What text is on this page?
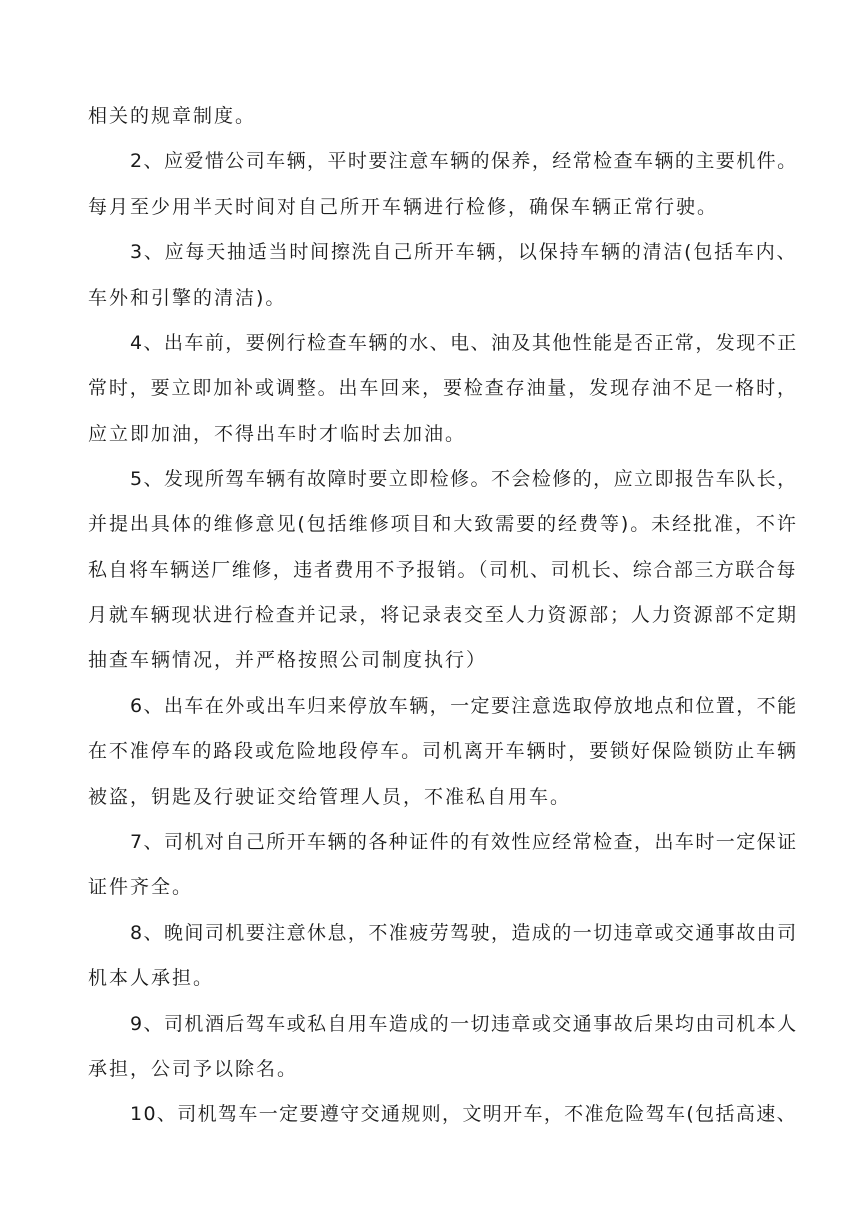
相关的规章制度。
2、应爱惜公司车辆，平时要注意车辆的保养，经常检查车辆的主要机件。
每月至少用半天时间对自己所开车辆进行检修，确保车辆正常行驶。
3、应每天抽适当时间擦洗自己所开车辆，以保持车辆的清洁(包括车内、
车外和引擎的清洁)。
4、出车前，要例行检查车辆的水、电、油及其他性能是否正常，发现不正
常时，要立即加补或调整。出车回来，要检查存油量，发现存油不足一格时，
应立即加油，不得出车时才临时去加油。
5、发现所驾车辆有故障时要立即检修。不会检修的，应立即报告车队长，
并提出具体的维修意见(包括维修项目和大致需要的经费等)。未经批准，不许
私自将车辆送厂维修，违者费用不予报销。（司机、司机长、综合部三方联合每
月就车辆现状进行检查并记录，将记录表交至人力资源部；人力资源部不定期
抽查车辆情况，并严格按照公司制度执行）
6、出车在外或出车归来停放车辆，一定要注意选取停放地点和位置，不能
在不准停车的路段或危险地段停车。司机离开车辆时，要锁好保险锁防止车辆
被盗，钥匙及行驶证交给管理人员，不准私自用车。
7、司机对自己所开车辆的各种证件的有效性应经常检查，出车时一定保证
证件齐全。
8、晚间司机要注意休息，不准疲劳驾驶，造成的一切违章或交通事故由司
机本人承担。
9、司机酒后驾车或私自用车造成的一切违章或交通事故后果均由司机本人
承担，公司予以除名。
10、司机驾车一定要遵守交通规则，文明开车，不准危险驾车(包括高速、
